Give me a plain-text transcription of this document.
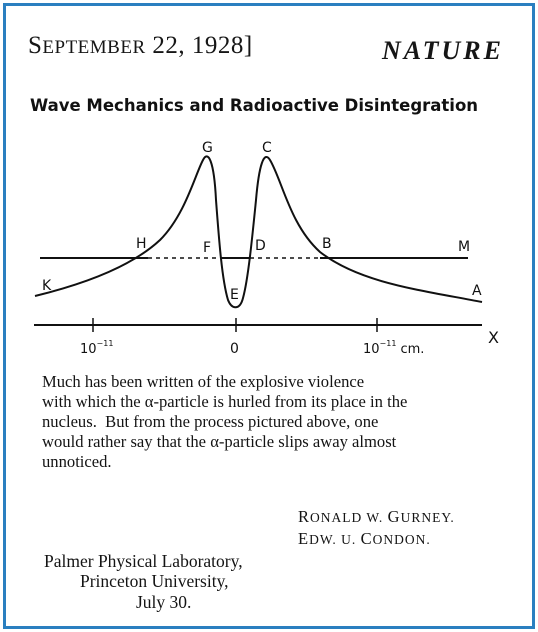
SEPTEMBER 22, 1928]	NATURE
Wave Mechanics and Radioactive Disintegration
G	C
H	F	D	B	M
K
E	A
X
$10^{-11}$	0	$10^{-11}$ cm.

Much has been written of the explosive violence

with which the α-particle is hurled from its place in the

nucleus.  But from the process pictured above, one

would rather say that the α-particle slips away almost

unnoticed.

RONALD W. GURNEY.
EDW. U. CONDON.
Palmer Physical Laboratory,
Princeton University,
July 30.
